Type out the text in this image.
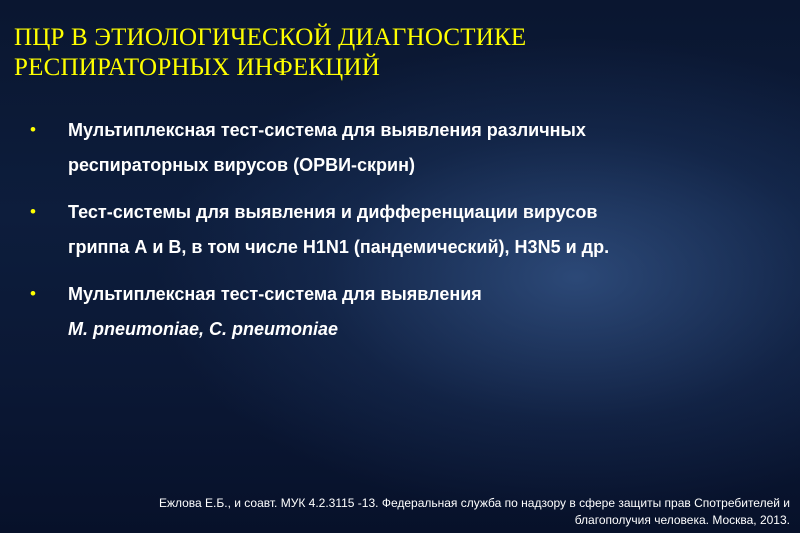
ПЦР В ЭТИОЛОГИЧЕСКОЙ ДИАГНОСТИКЕ
РЕСПИРАТОРНЫХ ИНФЕКЦИЙ
• Мультиплексная тест-система для выявления различных
респираторных вирусов (ОРВИ-скрин)
• Тест-системы для выявления и дифференциации вирусов
гриппа А и В, в том числе H1N1 (пандемический), H3N5 и др.
• Мультиплексная тест-система для выявления
M. pneumoniae, C. pneumoniae
Ежлова Е.Б., и соавт. МУК 4.2.3115 -13. Федеральная служба по надзору в сфере защиты прав Спотребителей и
благополучия человека. Москва, 2013.
